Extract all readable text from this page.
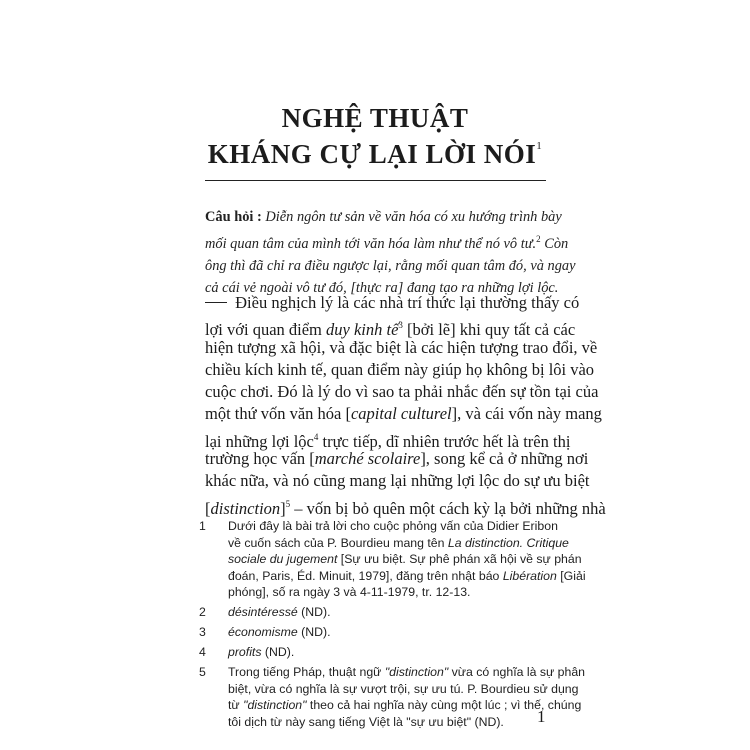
NGHỆ THUẬT
KHÁNG CỰ LẠI LỜI NÓI$^1$
Câu hỏi : Diễn ngôn tư sản về văn hóa có xu hướng trình bày
mối quan tâm của mình tới văn hóa làm như thể nó vô tư.$^2$ Còn
ông thì đã chỉ ra điều ngược lại, rằng mối quan tâm đó, và ngay
cả cái vẻ ngoài vô tư đó, [thực ra] đang tạo ra những lợi lộc.
Điều nghịch lý là các nhà trí thức lại thường thấy có
lợi với quan điểm duy kinh tế$^3$ [bởi lẽ] khi quy tất cả các
hiện tượng xã hội, và đặc biệt là các hiện tượng trao đổi, về
chiều kích kinh tế, quan điểm này giúp họ không bị lôi vào
cuộc chơi. Đó là lý do vì sao ta phải nhắc đến sự tồn tại của
một thứ vốn văn hóa [capital culturel], và cái vốn này mang
lại những lợi lộc$^4$ trực tiếp, dĩ nhiên trước hết là trên thị
trường học vấn [marché scolaire], song kể cả ở những nơi
khác nữa, và nó cũng mang lại những lợi lộc do sự ưu biệt
[distinction]$^5$ – vốn bị bỏ quên một cách kỳ lạ bởi những nhà
1 Dưới đây là bài trả lời cho cuộc phỏng vấn của Didier Eribon
về cuốn sách của P. Bourdieu mang tên La distinction. Critique
sociale du jugement [Sự ưu biệt. Sự phê phán xã hội về sự phán
đoán, Paris, Éd. Minuit, 1979], đăng trên nhật báo Libération [Giải
phóng], số ra ngày 3 và 4-11-1979, tr. 12-13.
2 désintéressé (ND).
3 économisme (ND).
4 profits (ND).
5 Trong tiếng Pháp, thuật ngữ "distinction" vừa có nghĩa là sự phân
biệt, vừa có nghĩa là sự vượt trội, sự ưu tú. P. Bourdieu sử dụng
từ "distinction" theo cả hai nghĩa này cùng một lúc ; vì thế, chúng
tôi dịch từ này sang tiếng Việt là "sự ưu biệt" (ND).	1
